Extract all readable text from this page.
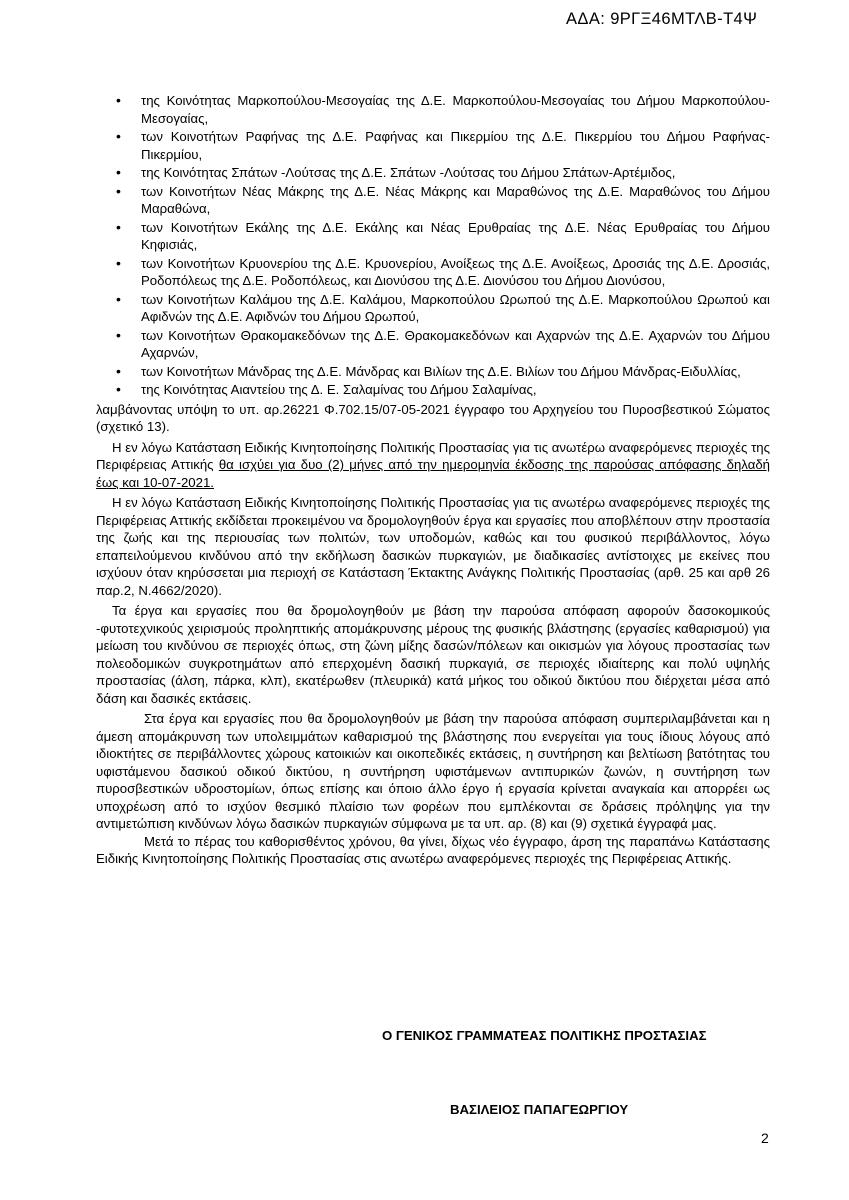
ΑΔΑ: 9ΡΓΞ46ΜΤΛΒ-Τ4Ψ
• της Κοινότητας Μαρκοπούλου-Μεσογαίας της Δ.Ε. Μαρκοπούλου-Μεσογαίας του Δήμου Μαρκοπούλου-Μεσογαίας,
• των Κοινοτήτων Ραφήνας της Δ.Ε. Ραφήνας και Πικερμίου της Δ.Ε. Πικερμίου του Δήμου Ραφήνας- Πικερμίου,
• της Κοινότητας Σπάτων -Λούτσας της Δ.Ε. Σπάτων -Λούτσας του Δήμου Σπάτων-Αρτέμιδος,
• των Κοινοτήτων Νέας Μάκρης της Δ.Ε. Νέας Μάκρης και Μαραθώνος της Δ.Ε. Μαραθώνος του Δήμου Μαραθώνα,
• των Κοινοτήτων Εκάλης της Δ.Ε. Εκάλης και Νέας Ερυθραίας της Δ.Ε. Νέας Ερυθραίας του Δήμου Κηφισιάς,
• των Κοινοτήτων Κρυονερίου της Δ.Ε. Κρυονερίου, Ανοίξεως της Δ.Ε. Ανοίξεως, Δροσιάς της Δ.Ε. Δροσιάς, Ροδοπόλεως της Δ.Ε. Ροδοπόλεως, και Διονύσου της Δ.Ε. Διονύσου του Δήμου Διονύσου,
• των Κοινοτήτων Καλάμου της Δ.Ε. Καλάμου, Μαρκοπούλου Ωρωπού της Δ.Ε. Μαρκοπούλου Ωρωπού και Αφιδνών της Δ.Ε. Αφιδνών του Δήμου Ωρωπού,
• των Κοινοτήτων Θρακομακεδόνων της Δ.Ε. Θρακομακεδόνων και Αχαρνών της Δ.Ε. Αχαρνών του Δήμου Αχαρνών,
• των Κοινοτήτων Μάνδρας της Δ.Ε. Μάνδρας και Βιλίων της Δ.Ε. Βιλίων του Δήμου Μάνδρας-Ειδυλλίας,
• της Κοινότητας Αιαντείου της Δ. Ε. Σαλαμίνας του Δήμου Σαλαμίνας,

λαμβάνοντας υπόψη το υπ. αρ.26221 Φ.702.15/07-05-2021 έγγραφο του Αρχηγείου του Πυροσβεστικού Σώματος (σχετικό 13).

Η εν λόγω Κατάσταση Ειδικής Κινητοποίησης Πολιτικής Προστασίας για τις ανωτέρω αναφερόμενες περιοχές της Περιφέρειας Αττικής θα ισχύει για δυο (2) μήνες από την ημερομηνία έκδοσης της παρούσας απόφασης δηλαδή έως και 10-07-2021.

Η εν λόγω Κατάσταση Ειδικής Κινητοποίησης Πολιτικής Προστασίας για τις ανωτέρω αναφερόμενες περιοχές της Περιφέρειας Αττικής εκδίδεται προκειμένου να δρομολογηθούν έργα και εργασίες που αποβλέπουν στην προστασία της ζωής και της περιουσίας των πολιτών, των υποδομών, καθώς και του φυσικού περιβάλλοντος, λόγω επαπειλούμενου κινδύνου από την εκδήλωση δασικών πυρκαγιών, με διαδικασίες αντίστοιχες με εκείνες που ισχύουν όταν κηρύσσεται μια περιοχή σε Κατάσταση Έκτακτης Ανάγκης Πολιτικής Προστασίας (αρθ. 25 και αρθ 26 παρ.2, Ν.4662/2020).

Τα έργα και εργασίες που θα δρομολογηθούν με βάση την παρούσα απόφαση αφορούν δασοκομικούς -φυτοτεχνικούς χειρισμούς προληπτικής απομάκρυνσης μέρους της φυσικής βλάστησης (εργασίες καθαρισμού) για μείωση του κινδύνου σε περιοχές όπως, στη ζώνη μίξης δασών/πόλεων και οικισμών για λόγους προστασίας των πολεοδομικών συγκροτημάτων από επερχομένη δασική πυρκαγιά, σε περιοχές ιδιαίτερης και πολύ υψηλής προστασίας (άλση, πάρκα, κλπ), εκατέρωθεν (πλευρικά) κατά μήκος του οδικού δικτύου που διέρχεται μέσα από δάση και δασικές εκτάσεις.

Στα έργα και εργασίες που θα δρομολογηθούν με βάση την παρούσα απόφαση συμπεριλαμβάνεται και η άμεση απομάκρυνση των υπολειμμάτων καθαρισμού της βλάστησης που ενεργείται για τους ίδιους λόγους από ιδιοκτήτες σε περιβάλλοντες χώρους κατοικιών και οικοπεδικές εκτάσεις, η συντήρηση και βελτίωση βατότητας του υφιστάμενου δασικού οδικού δικτύου, η συντήρηση υφιστάμενων αντιπυρικών ζωνών, η συντήρηση των πυροσβεστικών υδροστομίων, όπως επίσης και όποιο άλλο έργο ή εργασία κρίνεται αναγκαία και απορρέει ως υποχρέωση από το ισχύον θεσμικό πλαίσιο των φορέων που εμπλέκονται σε δράσεις πρόληψης για την αντιμετώπιση κινδύνων λόγω δασικών πυρκαγιών σύμφωνα με τα υπ. αρ. (8) και (9) σχετικά έγγραφά μας.

Μετά το πέρας του καθορισθέντος χρόνου, θα γίνει, δίχως νέο έγγραφο, άρση της παραπάνω Κατάστασης Ειδικής Κινητοποίησης Πολιτικής Προστασίας στις ανωτέρω αναφερόμενες περιοχές της Περιφέρειας Αττικής.

Ο ΓΕΝΙΚΟΣ ΓΡΑΜΜΑΤΕΑΣ ΠΟΛΙΤΙΚΗΣ ΠΡΟΣΤΑΣΙΑΣ
ΒΑΣΙΛΕΙΟΣ ΠΑΠΑΓΕΩΡΓΙΟΥ
2
